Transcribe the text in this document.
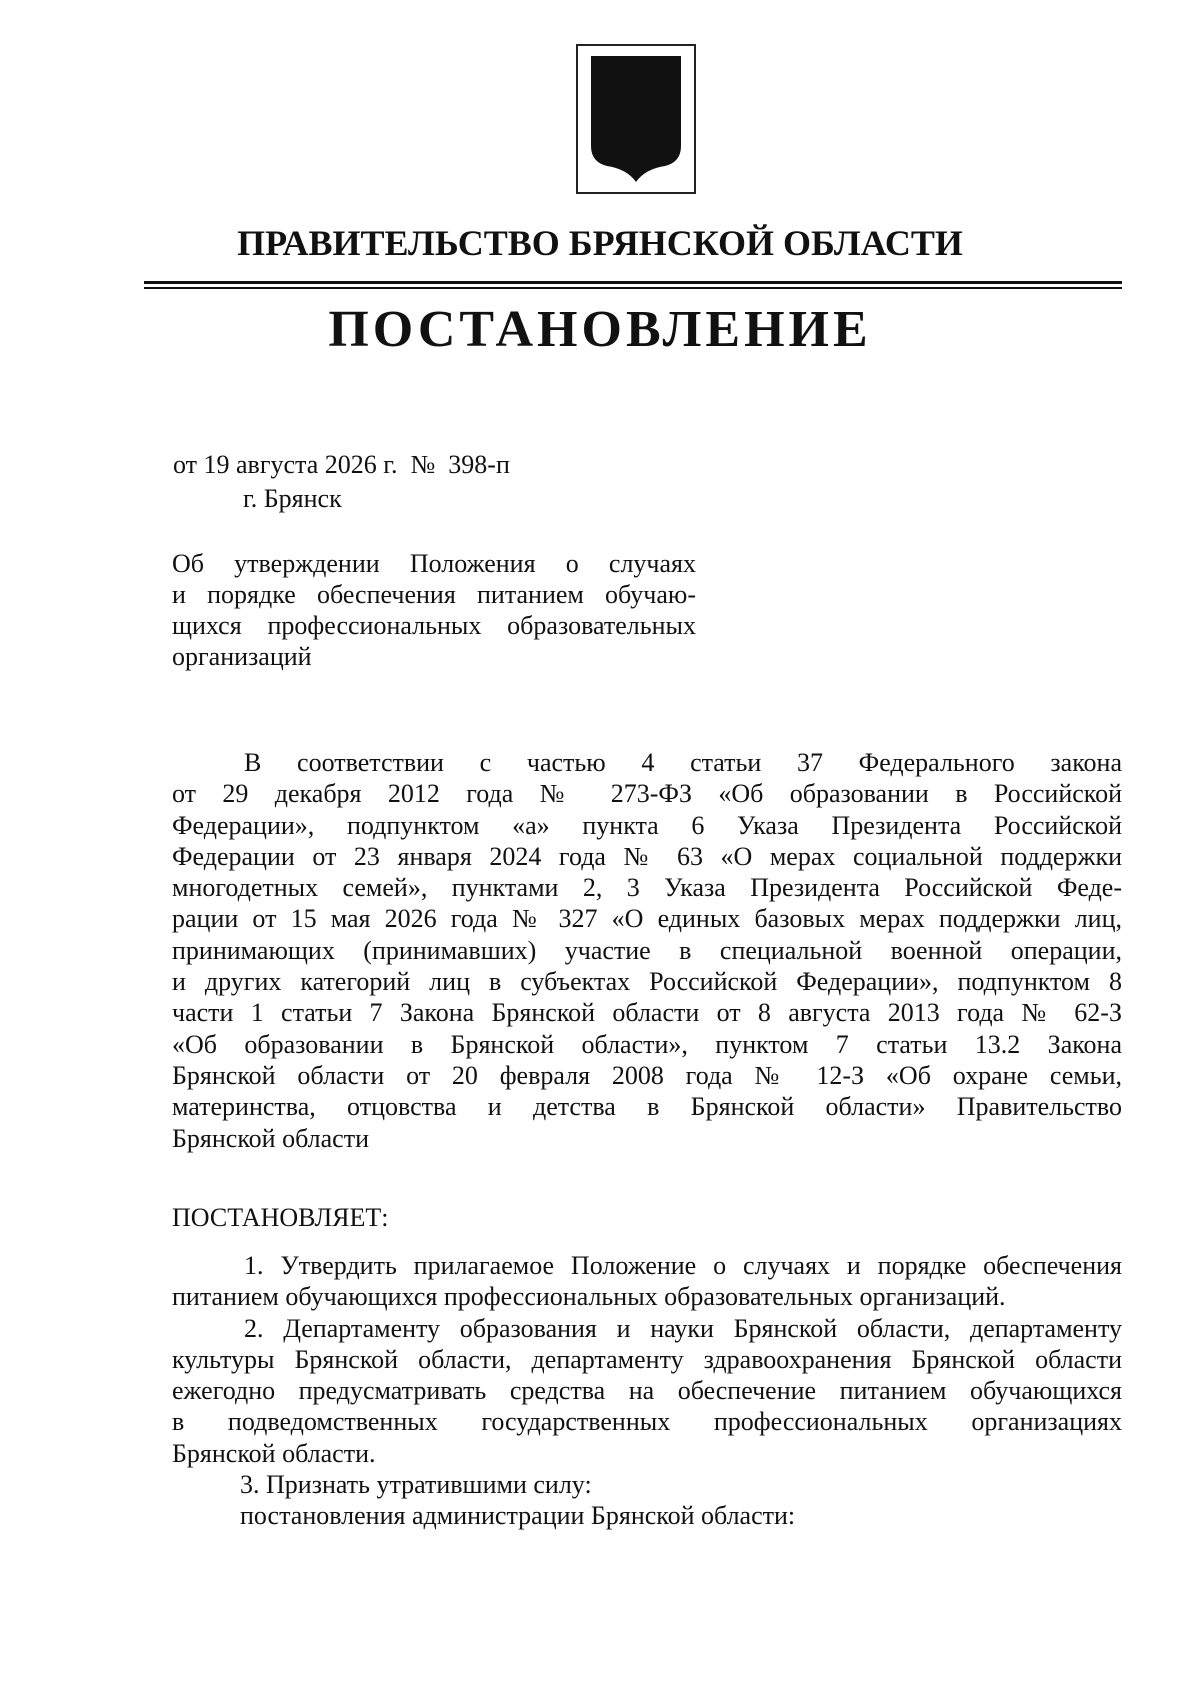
ПРАВИТЕЛЬСТВО БРЯНСКОЙ ОБЛАСТИ
ПОСТАНОВЛЕНИЕ
от 19 августа 2026 г.  №  398-п
г. Брянск
Об утверждении Положения о случаях
и порядке обеспечения питанием обучаю-
щихся профессиональных образовательных
организаций
В соответствии с частью 4 статьи 37 Федерального закона
от 29 декабря 2012 года № 273-ФЗ «Об образовании в Российской
Федерации», подпунктом «а» пункта 6 Указа Президента Российской
Федерации от 23 января 2024 года № 63 «О мерах социальной поддержки
многодетных семей», пунктами 2, 3 Указа Президента Российской Феде-
рации от 15 мая 2026 года № 327 «О единых базовых мерах поддержки лиц,
принимающих (принимавших) участие в специальной военной операции,
и других категорий лиц в субъектах Российской Федерации», подпунктом 8
части 1 статьи 7 Закона Брянской области от 8 августа 2013 года № 62-З
«Об образовании в Брянской области», пунктом 7 статьи 13.2 Закона
Брянской области от 20 февраля 2008 года № 12-З «Об охране семьи,
материнства, отцовства и детства в Брянской области» Правительство
Брянской области
ПОСТАНОВЛЯЕТ:
1. Утвердить прилагаемое Положение о случаях и порядке обеспечения
питанием обучающихся профессиональных образовательных организаций.
2. Департаменту образования и науки Брянской области, департаменту
культуры Брянской области, департаменту здравоохранения Брянской области
ежегодно предусматривать средства на обеспечение питанием обучающихся
в подведомственных государственных профессиональных организациях
Брянской области.
3. Признать утратившими силу:
постановления администрации Брянской области:
